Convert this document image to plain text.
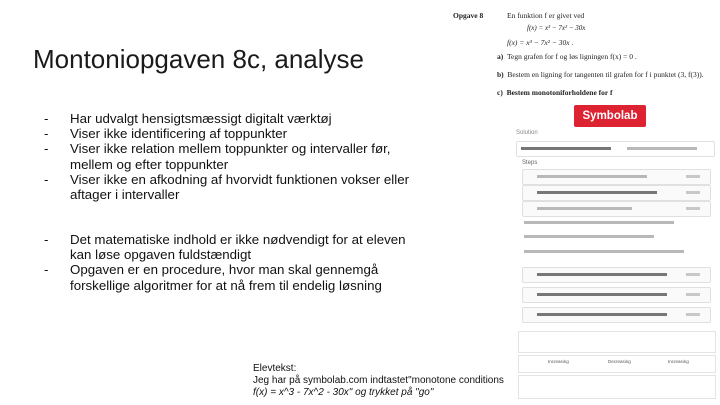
Montoniopgaven 8c, analyse
-	Har udvalgt hensigtsmæssigt digitalt værktøj
-	Viser ikke identificering af toppunkter
-	Viser ikke relation mellem toppunkter og intervaller før,
mellem og efter toppunkter
-	Viser ikke en afkodning af hvorvidt funktionen vokser eller
aftager i intervaller
-	Det matematiske indhold er ikke nødvendigt for at eleven
kan løse opgaven fuldstændigt
-	Opgaven er en procedure, hvor man skal gennemgå
forskellige algoritmer for at nå frem til endelig løsning
Elevtekst:
Jeg har på symbolab.com indtastet"monotone conditions
f(x) = x^3 - 7x^2 - 30x" og trykket på "go"
Opgave 8	En funktion f er givet ved
f(x) = x³ − 7x² − 30x
f(x) = x³ − 7x² − 30x .
a) Tegn grafen for f og løs ligningen f(x) = 0 .
b) Bestem en ligning for tangenten til grafen for f i punktet (3, f(3)).
c) Bestem monotoniforholdene for f
Symbolab
Solution
Steps
Increasing	Decreasing	Increasing
